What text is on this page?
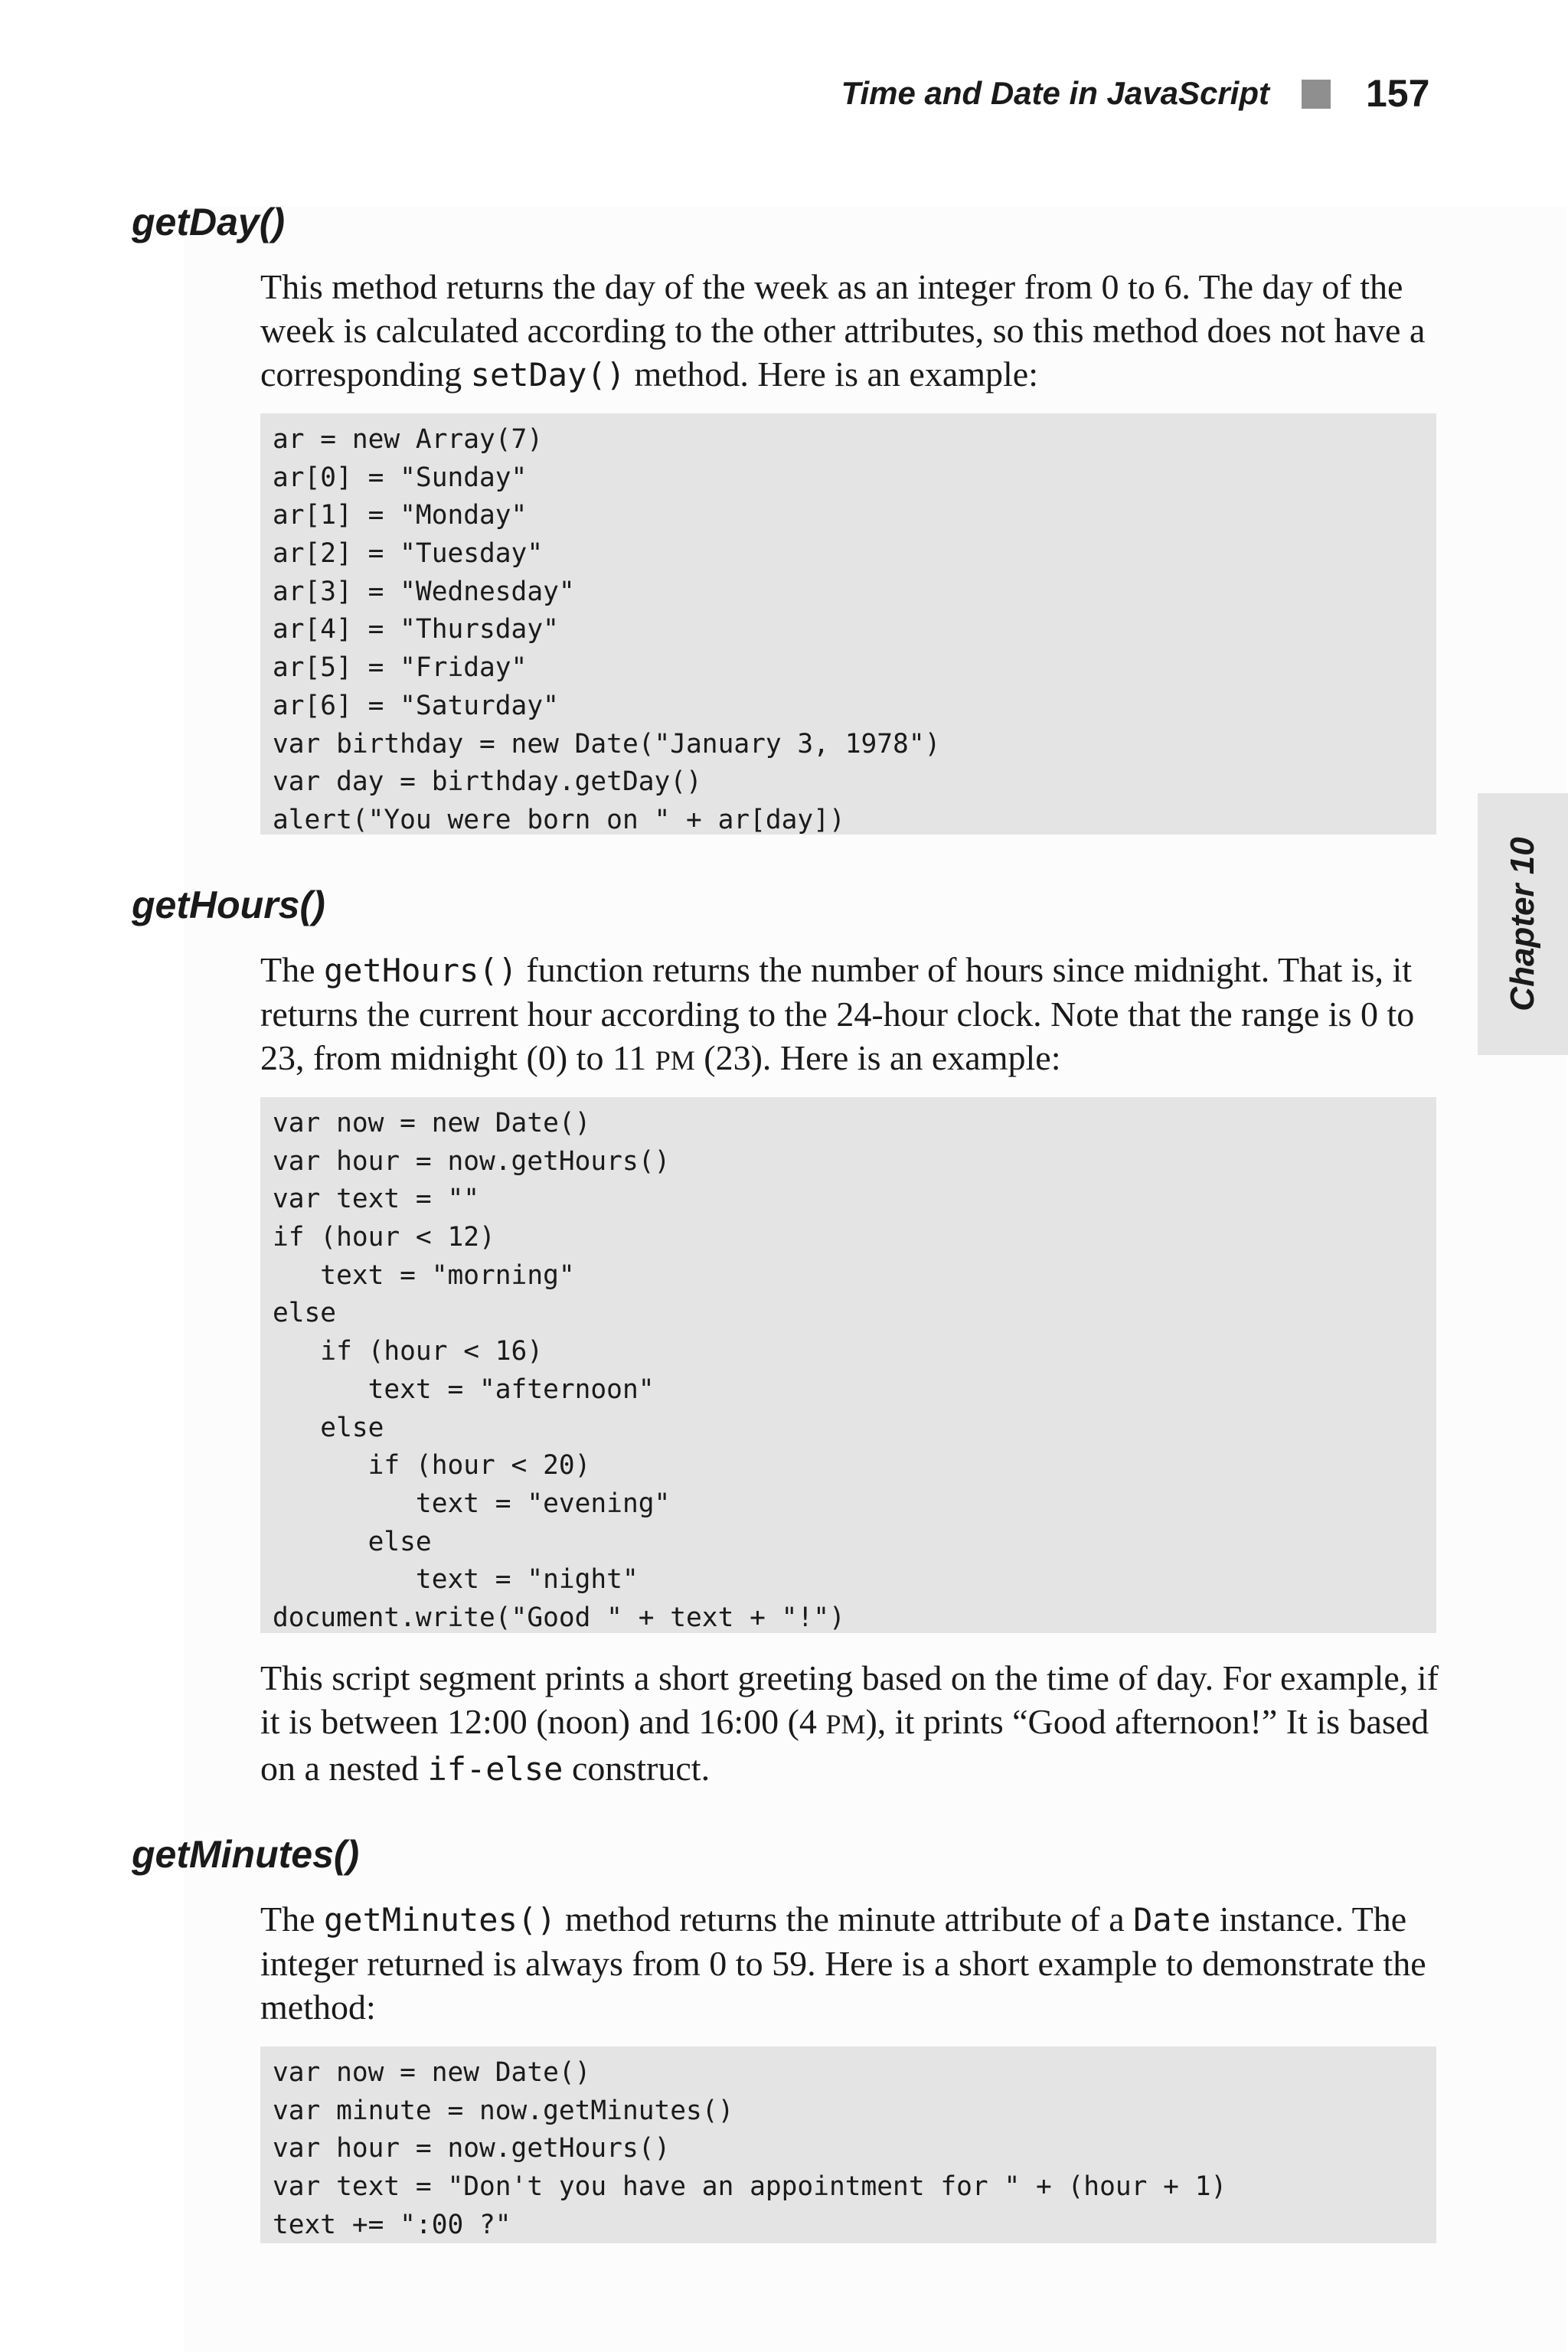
Time and Date in JavaScript	157
Chapter 10
getDay()

This method returns the day of the week as an integer from 0 to 6. The day of the week is calculated according to the other attributes, so this method does not have a corresponding setDay() method. Here is an example:

ar = new Array(7)
ar[0] = "Sunday"
ar[1] = "Monday"
ar[2] = "Tuesday"
ar[3] = "Wednesday"
ar[4] = "Thursday"
ar[5] = "Friday"
ar[6] = "Saturday"
var birthday = new Date("January 3, 1978")
var day = birthday.getDay()
alert("You were born on " + ar[day])
getHours()

The getHours() function returns the number of hours since midnight. That is, it returns the current hour according to the 24-hour clock. Note that the range is 0 to 23, from midnight (0) to 11 PM (23). Here is an example:

var now = new Date()
var hour = now.getHours()
var text = ""
if (hour < 12)
text = "morning"
else
if (hour < 16)
text = "afternoon"
else
if (hour < 20)
text = "evening"
else
text = "night"
document.write("Good " + text + "!")

This script segment prints a short greeting based on the time of day. For example, if it is between 12:00 (noon) and 16:00 (4 PM), it prints “Good afternoon!” It is based on a nested if-else construct.

getMinutes()

The getMinutes() method returns the minute attribute of a Date instance. The integer returned is always from 0 to 59. Here is a short example to demonstrate the method:

var now = new Date()
var minute = now.getMinutes()
var hour = now.getHours()
var text = "Don't you have an appointment for " + (hour + 1)
text += ":00 ?"
